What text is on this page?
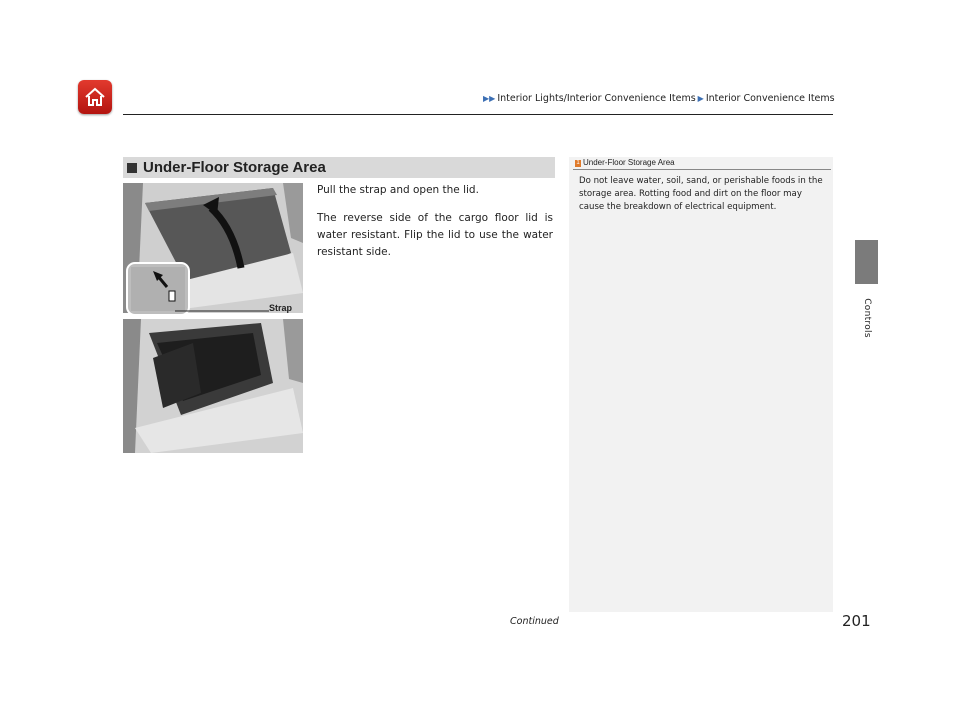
▶▶ Interior Lights/Interior Convenience Items ▶ Interior Convenience Items
Controls
Under-Floor Storage Area
Strap

Pull the strap and open the lid.

The reverse side of the cargo floor lid is water resistant. Flip the lid to use the water resistant side.

1 Under-Floor Storage Area
Do not leave water, soil, sand, or perishable foods in the storage area. Rotting food and dirt on the floor may cause the breakdown of electrical equipment.
Continued	201
